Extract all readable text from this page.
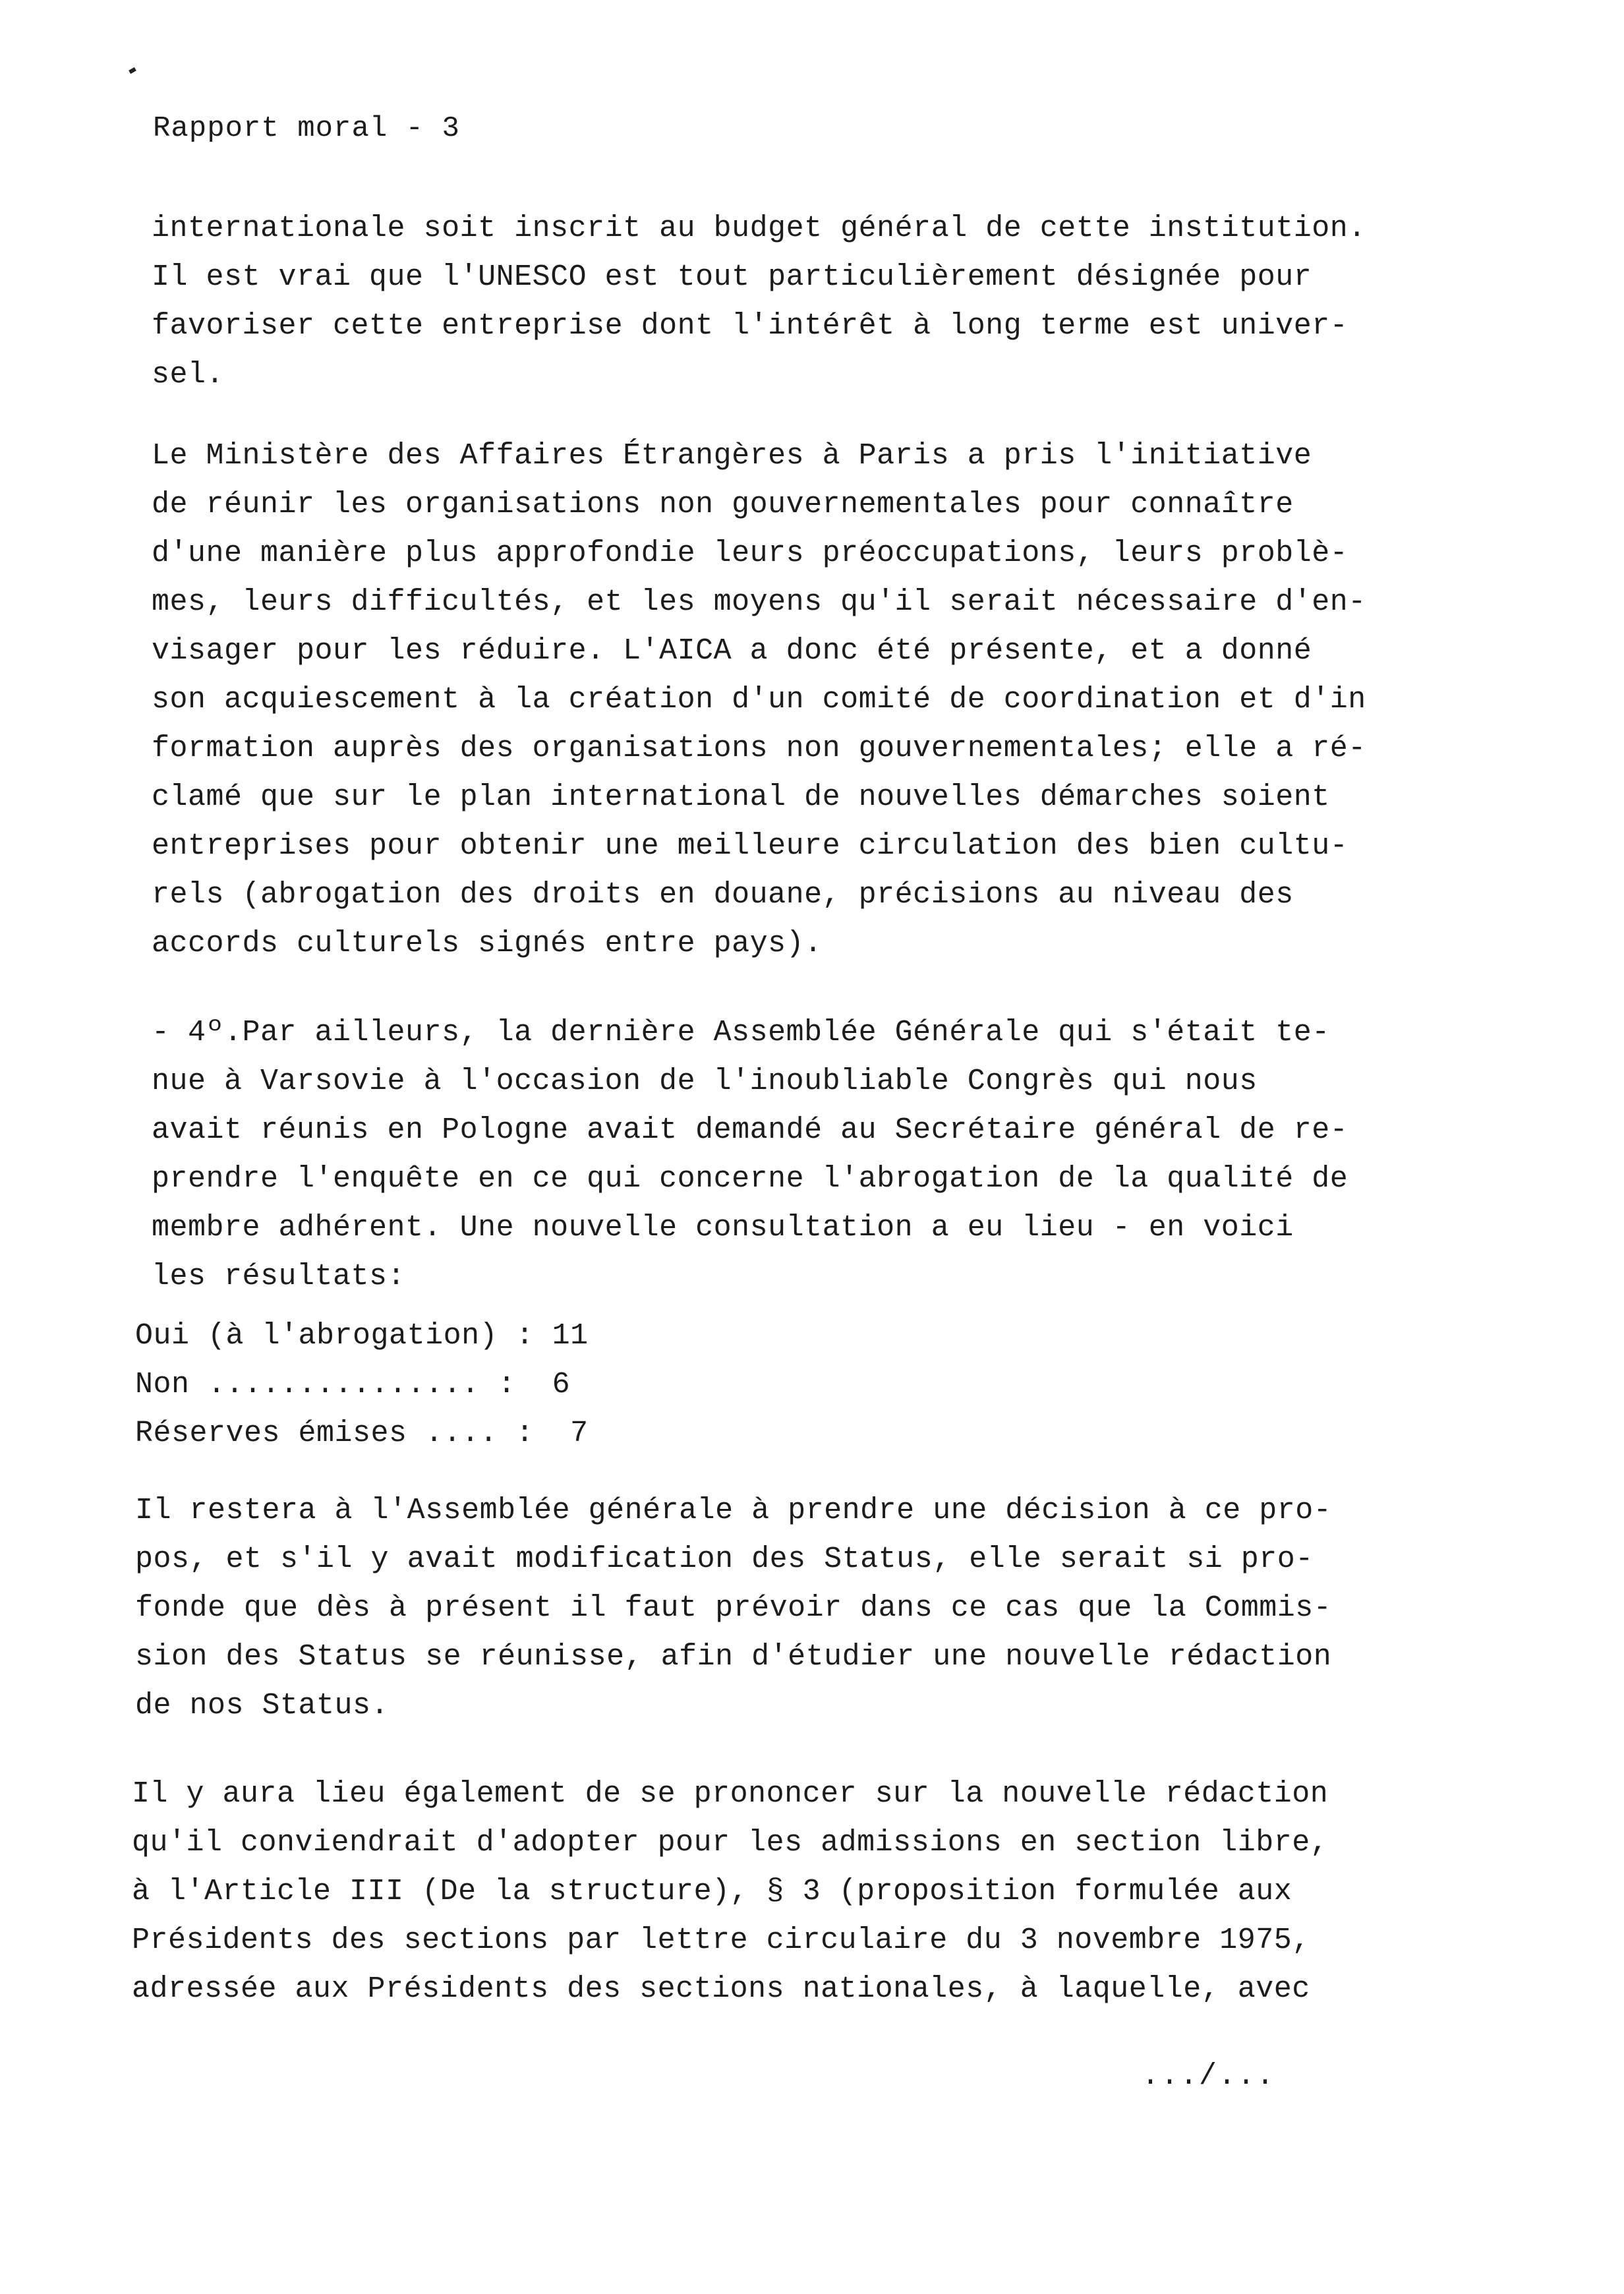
Rapport moral - 3
internationale soit inscrit au budget général de cette institution.
Il est vrai que l'UNESCO est tout particulièrement désignée pour
favoriser cette entreprise dont l'intérêt à long terme est univer-
sel.
Le Ministère des Affaires Étrangères à Paris a pris l'initiative
de réunir les organisations non gouvernementales pour connaître
d'une manière plus approfondie leurs préoccupations, leurs problè-
mes, leurs difficultés, et les moyens qu'il serait nécessaire d'en-
visager pour les réduire. L'AICA a donc été présente, et a donné
son acquiescement à la création d'un comité de coordination et d'in
formation auprès des organisations non gouvernementales; elle a ré-
clamé que sur le plan international de nouvelles démarches soient
entreprises pour obtenir une meilleure circulation des bien cultu-
rels (abrogation des droits en douane, précisions au niveau des
accords culturels signés entre pays).
- 4º.Par ailleurs, la dernière Assemblée Générale qui s'était te-
nue à Varsovie à l'occasion de l'inoubliable Congrès qui nous
avait réunis en Pologne avait demandé au Secrétaire général de re-
prendre l'enquête en ce qui concerne l'abrogation de la qualité de
membre adhérent. Une nouvelle consultation a eu lieu - en voici
les résultats:
Oui (à l'abrogation) : 11
Non ............... : 6
Réserves émises .... : 7
Il restera à l'Assemblée générale à prendre une décision à ce pro-
pos, et s'il y avait modification des Status, elle serait si pro-
fonde que dès à présent il faut prévoir dans ce cas que la Commis-
sion des Status se réunisse, afin d'étudier une nouvelle rédaction
de nos Status.
Il y aura lieu également de se prononcer sur la nouvelle rédaction
qu'il conviendrait d'adopter pour les admissions en section libre,
à l'Article III (De la structure), § 3 (proposition formulée aux
Présidents des sections par lettre circulaire du 3 novembre 1975,
adressée aux Présidents des sections nationales, à laquelle, avec
.../...
